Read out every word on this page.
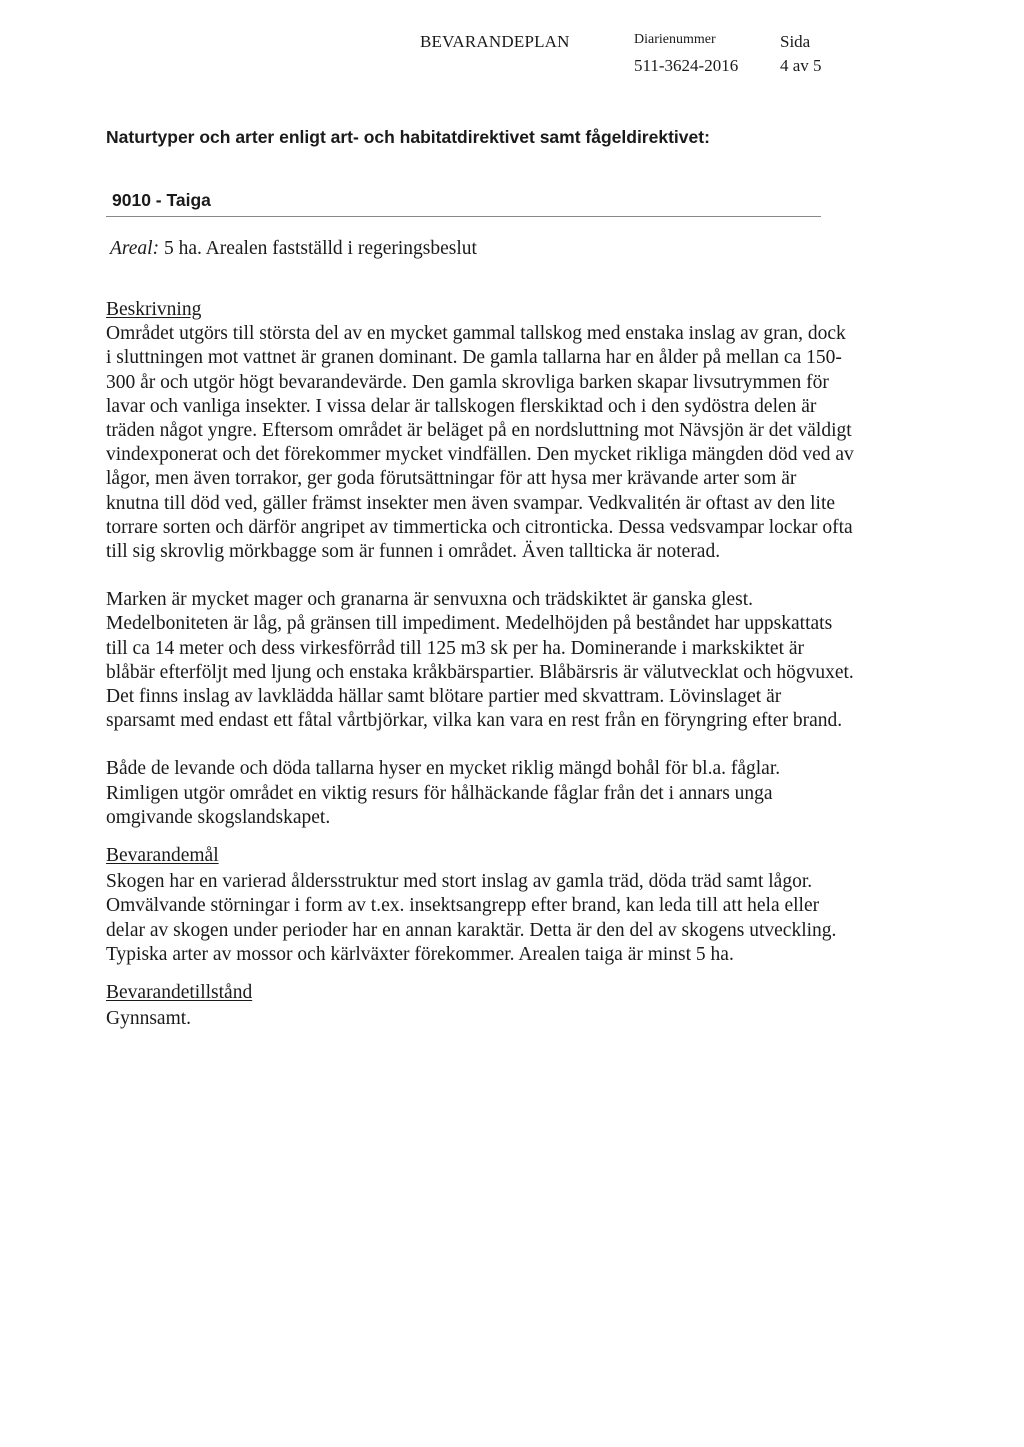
BEVARANDEPLAN	Diarienummer
511-3624-2016
Sida
4 av 5
Naturtyper och arter enligt art- och habitatdirektivet samt fågeldirektivet:
9010 - Taiga
Areal: 5 ha. Arealen fastställd i regeringsbeslut

Beskrivning

Området utgörs till största del av en mycket gammal tallskog med enstaka inslag av gran, dock i sluttningen mot vattnet är granen dominant. De gamla tallarna har en ålder på mellan ca 150-300 år och utgör högt bevarandevärde. Den gamla skrovliga barken skapar livsutrymmen för lavar och vanliga insekter. I vissa delar är tallskogen flerskiktad och i den sydöstra delen är träden något yngre. Eftersom området är beläget på en nordsluttning mot Nävsjön är det väldigt vindexponerat och det förekommer mycket vindfällen. Den mycket rikliga mängden död ved av lågor, men även torrakor, ger goda förutsättningar för att hysa mer krävande arter som är knutna till död ved, gäller främst insekter men även svampar. Vedkvalitén är oftast av den lite torrare sorten och därför angripet av timmerticka och citronticka. Dessa vedsvampar lockar ofta till sig skrovlig mörkbagge som är funnen i området. Även tallticka är noterad.

Marken är mycket mager och granarna är senvuxna och trädskiktet är ganska glest. Medelboniteten är låg, på gränsen till impediment. Medelhöjden på beståndet har uppskattats till ca 14 meter och dess virkesförråd till 125 m3 sk per ha. Dominerande i markskiktet är blåbär efterföljt med ljung och enstaka kråkbärspartier. Blåbärsris är välutvecklat och högvuxet. Det finns inslag av lavklädda hällar samt blötare partier med skvattram. Lövinslaget är sparsamt med endast ett fåtal vårtbjörkar, vilka kan vara en rest från en föryngring efter brand.

Både de levande och döda tallarna hyser en mycket riklig mängd bohål för bl.a. fåglar. Rimligen utgör området en viktig resurs för hålhäckande fåglar från det i annars unga omgivande skogslandskapet.

Bevarandemål

Skogen har en varierad åldersstruktur med stort inslag av gamla träd, döda träd samt lågor. Omvälvande störningar i form av t.ex. insektsangrepp efter brand, kan leda till att hela eller delar av skogen under perioder har en annan karaktär. Detta är den del av skogens utveckling. Typiska arter av mossor och kärlväxter förekommer. Arealen taiga är minst 5 ha.

Bevarandetillstånd

Gynnsamt.
